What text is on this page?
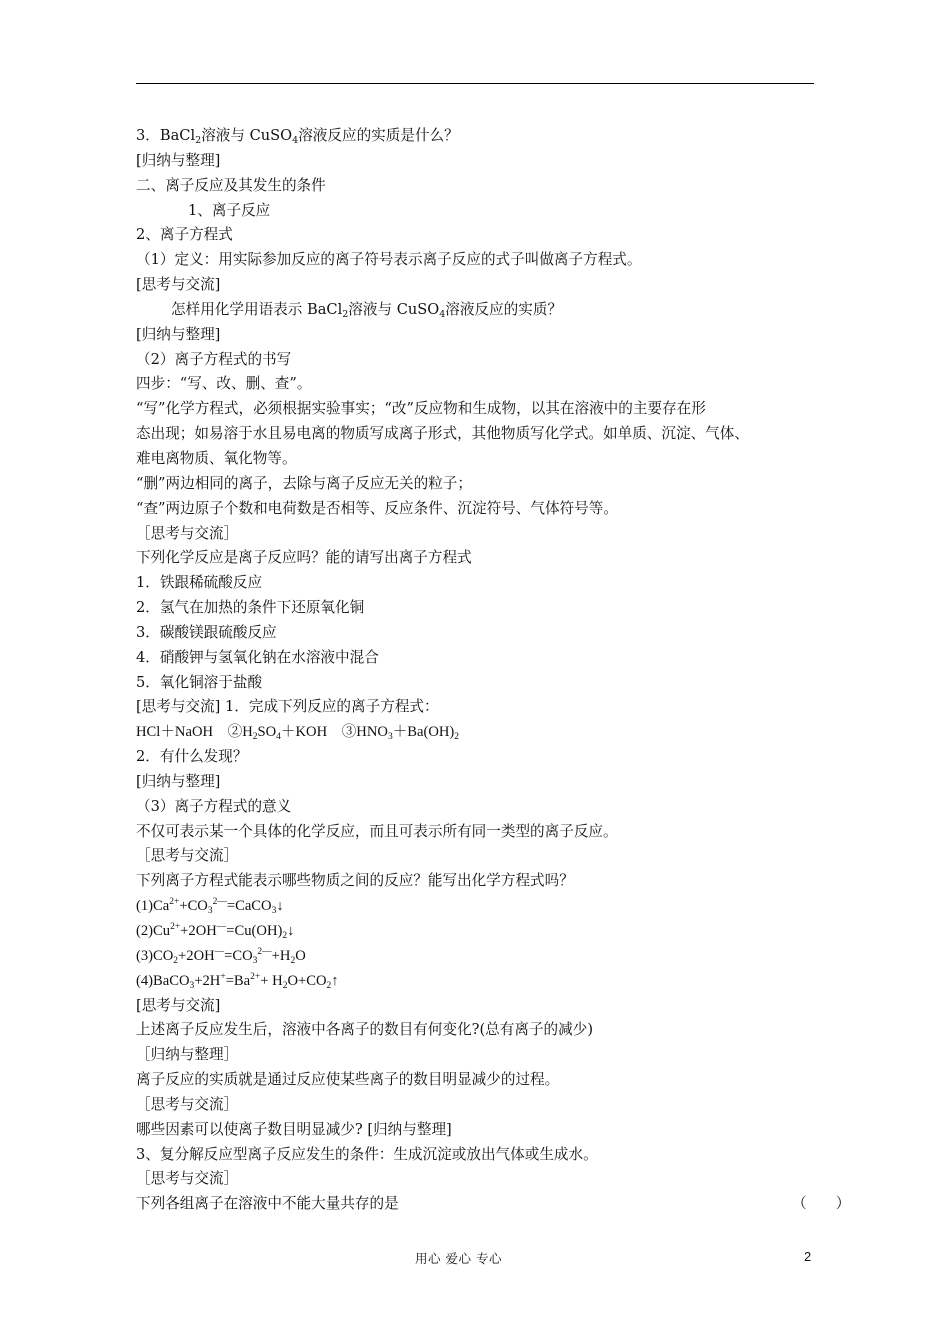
3．BaCl$_2$溶液与 CuSO$_4$溶液反应的实质是什么？
[归纳与整理]
二、离子反应及其发生的条件
1、离子反应
2、离子方程式
（1）定义：用实际参加反应的离子符号表示离子反应的式子叫做离子方程式。
[思考与交流]
怎样用化学用语表示 BaCl$_2$溶液与 CuSO$_4$溶液反应的实质？
[归纳与整理]
（2）离子方程式的书写
四步：“写、改、删、查”。
“写”化学方程式，必须根据实验事实；“改”反应物和生成物，以其在溶液中的主要存在形
态出现；如易溶于水且易电离的物质写成离子形式，其他物质写化学式。如单质、沉淀、气体、
难电离物质、氧化物等。
“删”两边相同的离子，去除与离子反应无关的粒子；
“查”两边原子个数和电荷数是否相等、反应条件、沉淀符号、气体符号等。
［思考与交流］
下列化学反应是离子反应吗？能的请写出离子方程式
1．铁跟稀硫酸反应
2．氢气在加热的条件下还原氧化铜
3．碳酸镁跟硫酸反应
4．硝酸钾与氢氧化钠在水溶液中混合
5．氧化铜溶于盐酸
[思考与交流] 1．完成下列反应的离子方程式：
HCl＋NaOH　$②H_2SO_4+KOH$　$③HNO_3+Ba(OH)_2$
2．有什么发现？
[归纳与整理]
（3）离子方程式的意义
不仅可表示某一个具体的化学反应，而且可表示所有同一类型的离子反应。
［思考与交流］
下列离子方程式能表示哪些物质之间的反应？能写出化学方程式吗？
$(1)Ca^{2+}+CO_3^{2—}=CaCO_3↓$
$(2)Cu^{2+}+2OH^—=Cu(OH)_2↓$
$(3)CO_2+2OH^—=CO_3^{2—}+H_2O$
$(4)BaCO_3+2H^+=Ba^{2+}+$ $H_2O+CO_2↑$
[思考与交流]
上述离子反应发生后，溶液中各离子的数目有何变化?(总有离子的减少)
［归纳与整理］
离子反应的实质就是通过反应使某些离子的数目明显减少的过程。
［思考与交流］
哪些因素可以使离子数目明显减少? [归纳与整理]
3、复分解反应型离子反应发生的条件：生成沉淀或放出气体或生成水。
［思考与交流］
下列各组离子在溶液中不能大量共存的是	（　　）
用心 爱心 专心	2
